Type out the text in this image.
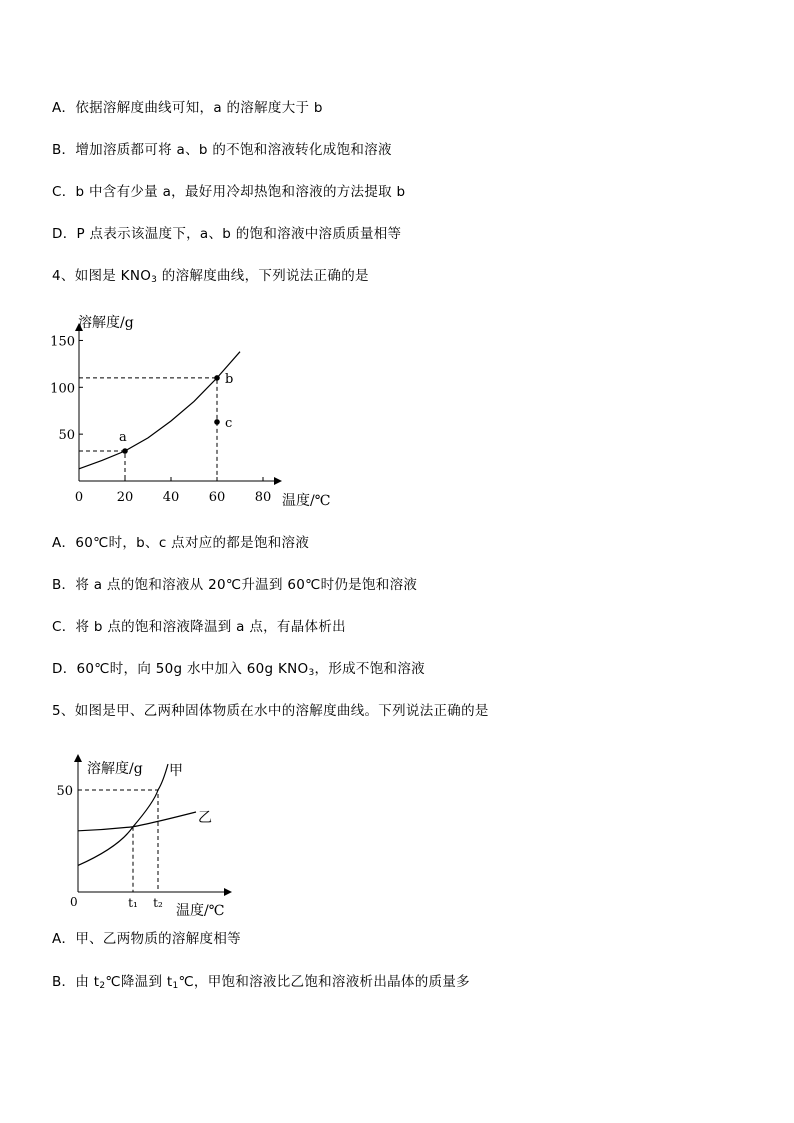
A．依据溶解度曲线可知，a 的溶解度大于 b
B．增加溶质都可将 a、b 的不饱和溶液转化成饱和溶液
C．b 中含有少量 a，最好用冷却热饱和溶液的方法提取 b
D．P 点表示该温度下，a、b 的饱和溶液中溶质质量相等
4、如图是 $KNO_3$ 的溶解度曲线，下列说法正确的是
0	20 40 60 80
50
100
150
a
b
c
溶解度/g
温度/℃
A．60℃时，b、c 点对应的都是饱和溶液
B．将 a 点的饱和溶液从 20℃升温到 60℃时仍是饱和溶液
C．将 b 点的饱和溶液降温到 a 点，有晶体析出
D．60℃时，向 50g 水中加入 60g $KNO_3$，形成不饱和溶液
5、如图是甲、乙两种固体物质在水中的溶解度曲线。下列说法正确的是
0
50
t₁ t₂
甲
乙
溶解度/g
温度/℃
A．甲、乙两物质的溶解度相等
B．由 $t_2℃$降温到 $t_1℃$，甲饱和溶液比乙饱和溶液析出晶体的质量多
